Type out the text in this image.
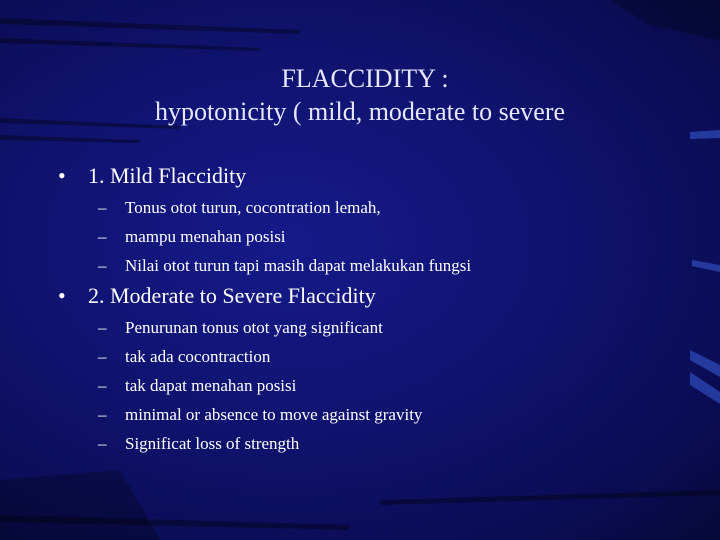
FLACCIDITY :
hypotonicity ( mild, moderate to severe
• 1. Mild Flaccidity
– Tonus otot turun, cocontration lemah,
– mampu menahan posisi
– Nilai otot turun tapi masih dapat melakukan fungsi
• 2. Moderate to Severe Flaccidity
– Penurunan tonus otot yang significant
– tak ada cocontraction
– tak dapat menahan posisi
– minimal or absence to move against gravity
– Significat loss of strength
